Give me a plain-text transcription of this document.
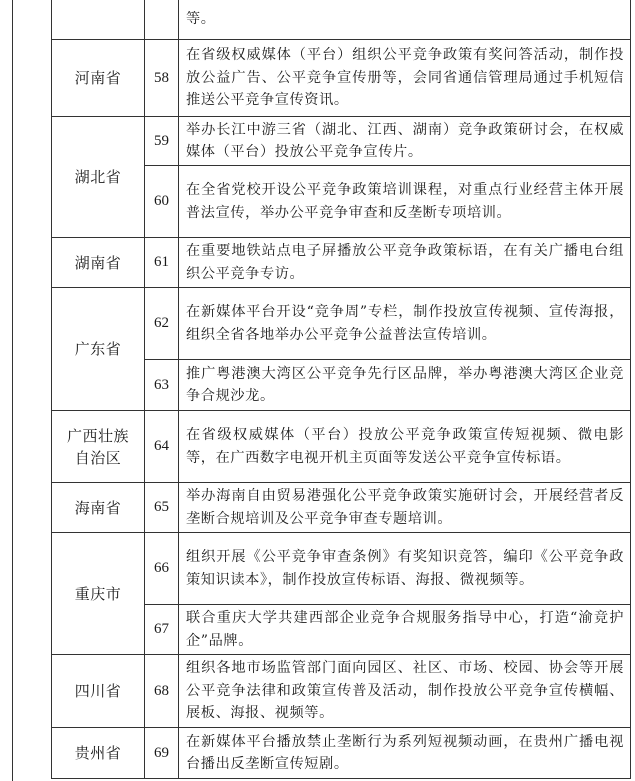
		等。
河南省	58	在省级权威媒体（平台）组织公平竞争政策有奖问答活动，制作投放公益广告、公平竞争宣传册等，会同省通信管理局通过手机短信推送公平竞争宣传资讯。
湖北省	59	举办长江中游三省（湖北、江西、湖南）竞争政策研讨会，在权威媒体（平台）投放公平竞争宣传片。
	60	在全省党校开设公平竞争政策培训课程，对重点行业经营主体开展普法宣传，举办公平竞争审查和反垄断专项培训。
湖南省	61	在重要地铁站点电子屏播放公平竞争政策标语，在有关广播电台组织公平竞争专访。
广东省	62	在新媒体平台开设“竞争周”专栏，制作投放宣传视频、宣传海报，组织全省各地举办公平竞争公益普法宣传培训。
	63	推广粤港澳大湾区公平竞争先行区品牌，举办粤港澳大湾区企业竞争合规沙龙。
广西壮族
自治区	64	在省级权威媒体（平台）投放公平竞争政策宣传短视频、微电影等，在广西数字电视开机主页面等发送公平竞争宣传标语。
海南省	65	举办海南自由贸易港强化公平竞争政策实施研讨会，开展经营者反垄断合规培训及公平竞争审查专题培训。
重庆市	66	组织开展《公平竞争审查条例》有奖知识竞答，编印《公平竞争政策知识读本》，制作投放宣传标语、海报、微视频等。
	67	联合重庆大学共建西部企业竞争合规服务指导中心，打造“渝竞护企”品牌。
四川省	68	组织各地市场监管部门面向园区、社区、市场、校园、协会等开展公平竞争法律和政策宣传普及活动，制作投放公平竞争宣传横幅、展板、海报、视频等。
贵州省	69	在新媒体平台播放禁止垄断行为系列短视频动画，在贵州广播电视台播出反垄断宣传短剧。
